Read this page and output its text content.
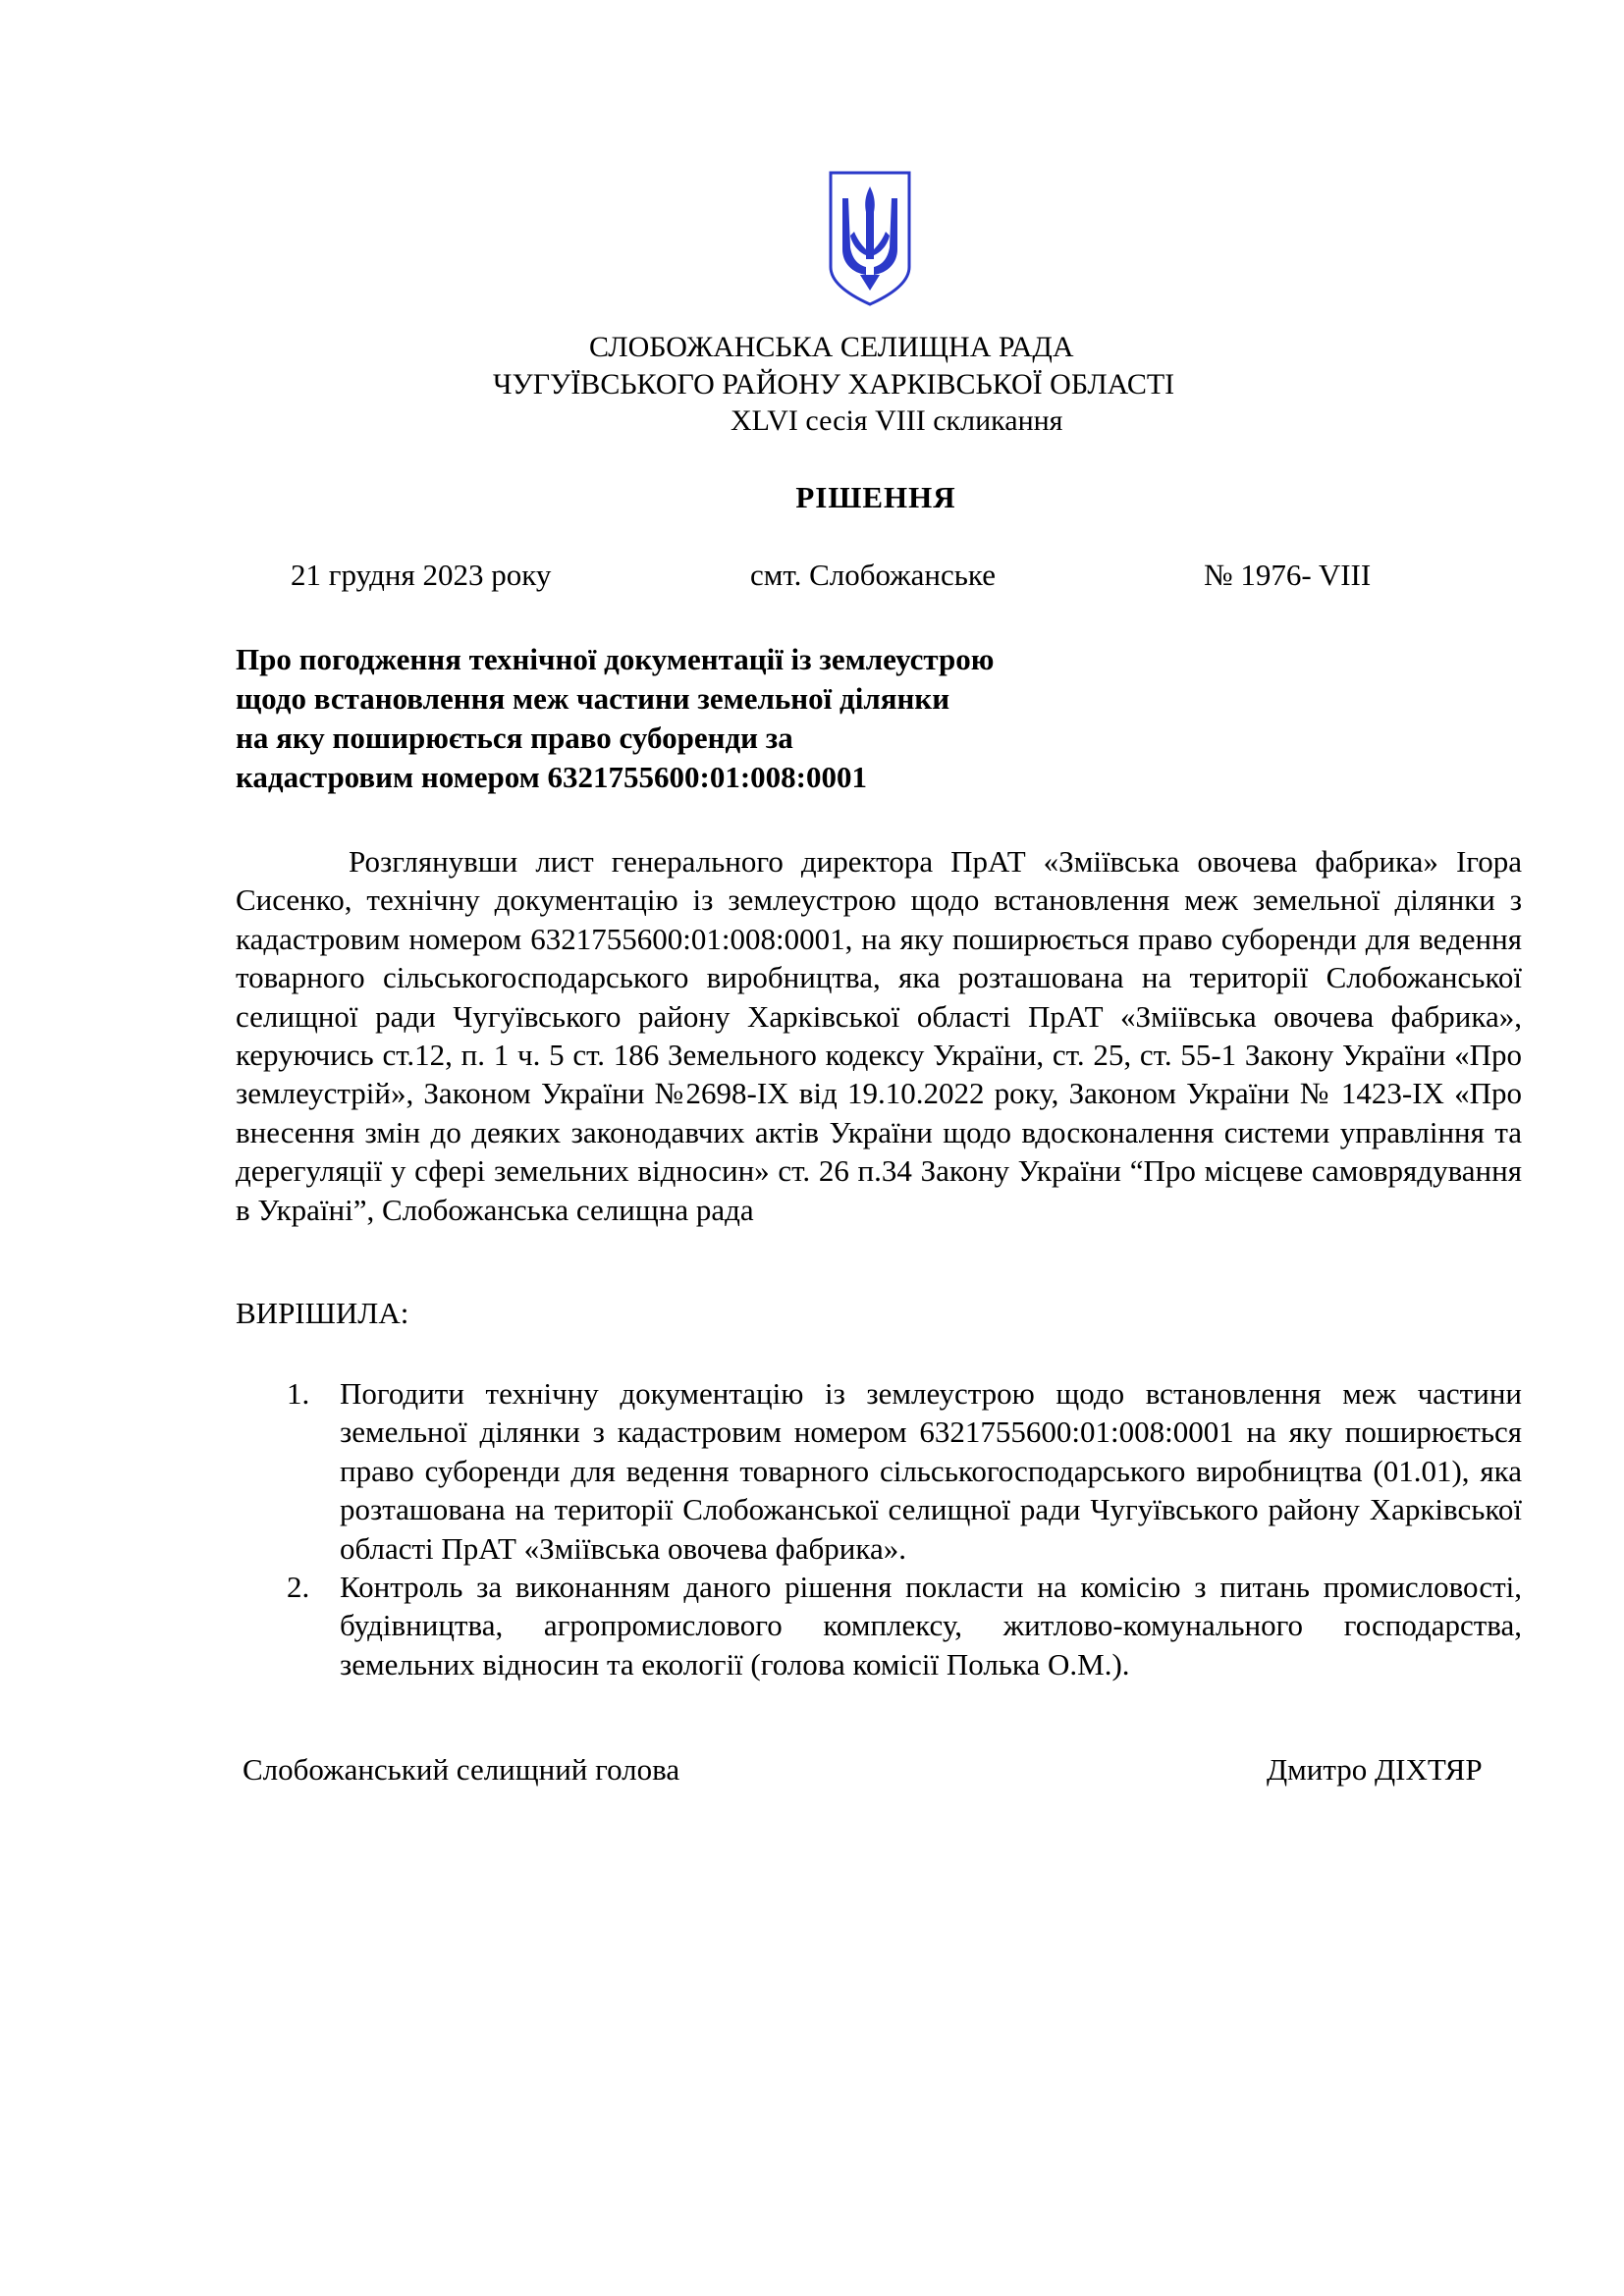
СЛОБОЖАНСЬКА СЕЛИЩНА РАДА
ЧУГУЇВСЬКОГО РАЙОНУ ХАРКІВСЬКОЇ ОБЛАСТІ
XLVI сесія VIII скликання
РІШЕННЯ
21 грудня 2023 року	смт. Слобожанське	№ 1976- VIII
Про погодження технічної документації із землеустрою
щодо встановлення меж частини земельної ділянки
на яку поширюється право суборенди за
кадастровим номером 6321755600:01:008:0001

Розглянувши лист генерального директора ПрАТ «Зміївська овочева фабрика» Ігора Сисенко, технічну документацію із землеустрою щодо встановлення меж земельної ділянки з кадастровим номером 6321755600:01:008:0001, на яку поширюється право суборенди для ведення товарного сільськогосподарського виробництва, яка розташована на території Слобожанської селищної ради Чугуївського району Харківської області ПрАТ «Зміївська овочева фабрика», керуючись ст.12, п. 1 ч. 5 ст. 186 Земельного кодексу України, ст. 25, ст. 55-1 Закону України «Про землеустрій», Законом України №2698-ІХ від 19.10.2022 року, Законом України № 1423-ІХ «Про внесення змін до деяких законодавчих актів України щодо вдосконалення системи управління та дерегуляції у сфері земельних відносин» ст. 26 п.34 Закону України “Про місцеве самоврядування в Україні”, Слобожанська селищна рада

ВИРІШИЛА:
1. Погодити технічну документацію із землеустрою щодо встановлення меж частини земельної ділянки з кадастровим номером 6321755600:01:008:0001 на яку поширюється право суборенди для ведення товарного сільськогосподарського виробництва (01.01), яка розташована на території Слобожанської селищної ради Чугуївського району Харківської області ПрАТ «Зміївська овочева фабрика».
2. Контроль за виконанням даного рішення покласти на комісію з питань промисловості, будівництва, агропромислового комплексу, житлово-комунального господарства, земельних відносин та екології (голова комісії Полька О.М.).
Слобожанський селищний голова	Дмитро ДІХТЯР
